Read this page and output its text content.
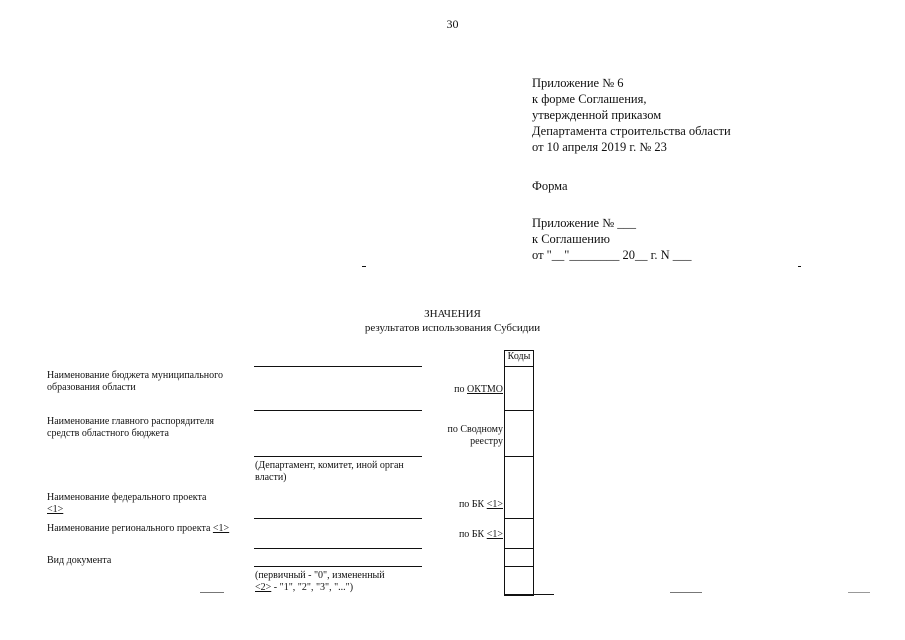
30
Приложение № 6
к форме Соглашения,
утвержденной приказом
Департамента строительства области
от 10 апреля 2019 г. № 23
Форма
Приложение № ___
к Соглашению
от "__"________ 20__ г. N ___
ЗНАЧЕНИЯ
результатов использования Субсидии
Коды
Наименование бюджета муниципального образования области
Наименование главного распорядителя средств областного бюджета
Наименование федерального проекта
<1>
Наименование регионального проекта <1>
Вид документа
(Департамент, комитет, иной орган власти)
(первичный - "0", измененный
<2> - "1", "2", "3", "...")
по ОКТМО
по Сводному реестру
по БК <1>
по БК <1>
